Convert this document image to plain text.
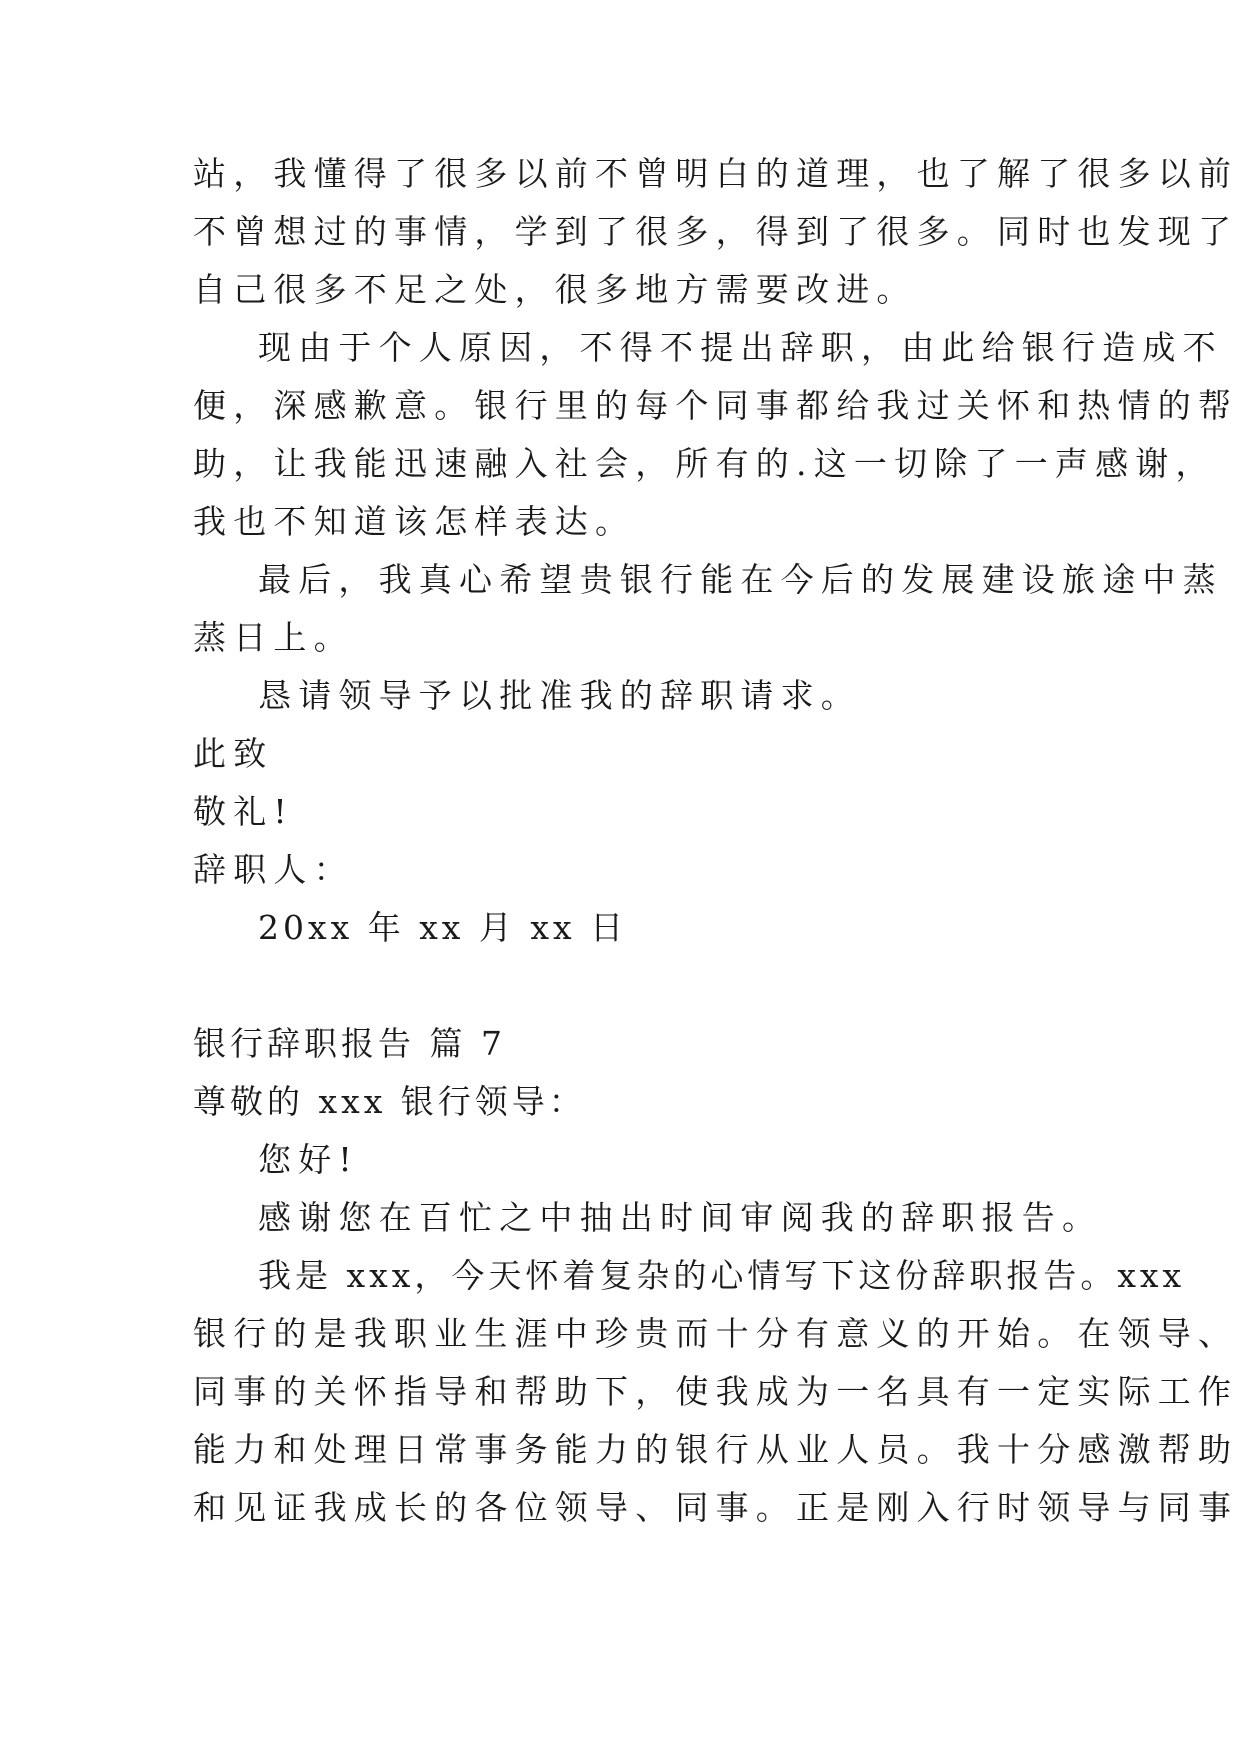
站，我懂得了很多以前不曾明白的道理，也了解了很多以前
不曾想过的事情，学到了很多，得到了很多。同时也发现了
自己很多不足之处，很多地方需要改进。
现由于个人原因，不得不提出辞职，由此给银行造成不
便，深感歉意。银行里的每个同事都给我过关怀和热情的帮
助，让我能迅速融入社会，所有的.这一切除了一声感谢，
我也不知道该怎样表达。
最后，我真心希望贵银行能在今后的发展建设旅途中蒸
蒸日上。
恳请领导予以批准我的辞职请求。
此致
敬礼!
辞职人：
20xx 年 xx 月 xx 日
银行辞职报告 篇 7
尊敬的 xxx 银行领导：
您好!
感谢您在百忙之中抽出时间审阅我的辞职报告。
我是 xxx，今天怀着复杂的心情写下这份辞职报告。xxx
银行的是我职业生涯中珍贵而十分有意义的开始。在领导、
同事的关怀指导和帮助下，使我成为一名具有一定实际工作
能力和处理日常事务能力的银行从业人员。我十分感激帮助
和见证我成长的各位领导、同事。正是刚入行时领导与同事
